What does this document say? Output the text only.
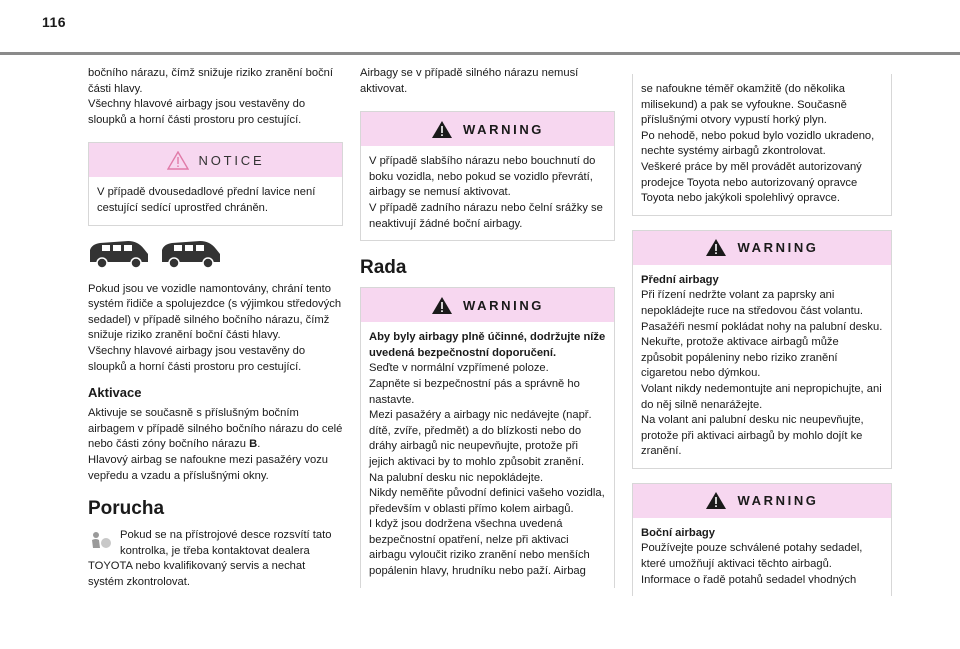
116

bočního nárazu, čímž snižuje riziko zranění boční části hlavy.
Všechny hlavové airbagy jsou vestavěny do sloupků a horní části prostoru pro cestující.

NOTICE

V případě dvousedadlové přední lavice není cestující sedící uprostřed chráněn.

Pokud jsou ve vozidle namontovány, chrání tento systém řidiče a spolujezdce (s výjimkou středových sedadel) v případě silného bočního nárazu, čímž snižuje riziko zranění boční části hlavy.
Všechny hlavové airbagy jsou vestavěny do sloupků a horní části prostoru pro cestující.

Aktivace

Aktivuje se současně s příslušným bočním airbagem v případě silného bočního nárazu do celé nebo části zóny bočního nárazu B.
Hlavový airbag se nafoukne mezi pasažéry vozu vepředu a vzadu a příslušnými okny.

Porucha

Pokud se na přístrojové desce rozsvítí tato kontrolka, je třeba kontaktovat dealera TOYOTA nebo kvalifikovaný servis a nechat systém zkontrolovat.

Airbagy se v případě silného nárazu nemusí aktivovat.

WARNING

V případě slabšího nárazu nebo bouchnutí do boku vozidla, nebo pokud se vozidlo převrátí, airbagy se nemusí aktivovat.
V případě zadního nárazu nebo čelní srážky se neaktivují žádné boční airbagy.

Rada
WARNING

Aby byly airbagy plně účinné, dodržujte níže uvedená bezpečnostní doporučení.

Seďte v normální vzpřímené poloze.
Zapněte si bezpečnostní pás a správně ho nastavte.
Mezi pasažéry a airbagy nic nedávejte (např. dítě, zvíře, předmět) a do blízkosti nebo do dráhy airbagů nic neupevňujte, protože při jejich aktivaci by to mohlo způsobit zranění.
Na palubní desku nic nepokládejte.
Nikdy neměňte původní definici vašeho vozidla, především v oblasti přímo kolem airbagů.
I když jsou dodržena všechna uvedená bezpečnostní opatření, nelze při aktivaci airbagu vyloučit riziko zranění nebo menších popálenin hlavy, hrudníku nebo paží. Airbag

se nafoukne téměř okamžitě (do několika milisekund) a pak se vyfoukne. Současně příslušnými otvory vypustí horký plyn.
Po nehodě, nebo pokud bylo vozidlo ukradeno, nechte systémy airbagů zkontrolovat.
Veškeré práce by měl provádět autorizovaný prodejce Toyota nebo autorizovaný opravce Toyota nebo jakýkoli spolehlivý opravce.

WARNING

Přední airbagy

Při řízení nedržte volant za paprsky ani nepokládejte ruce na středovou část volantu.
Pasažéři nesmí pokládat nohy na palubní desku.
Nekuřte, protože aktivace airbagů může způsobit popáleniny nebo riziko zranění cigaretou nebo dýmkou.
Volant nikdy nedemontujte ani nepropichujte, ani do něj silně nenarážejte.
Na volant ani palubní desku nic neupevňujte, protože při aktivaci airbagů by mohlo dojít ke zranění.

WARNING

Boční airbagy

Používejte pouze schválené potahy sedadel, které umožňují aktivaci těchto airbagů. Informace o řadě potahů sedadel vhodných
